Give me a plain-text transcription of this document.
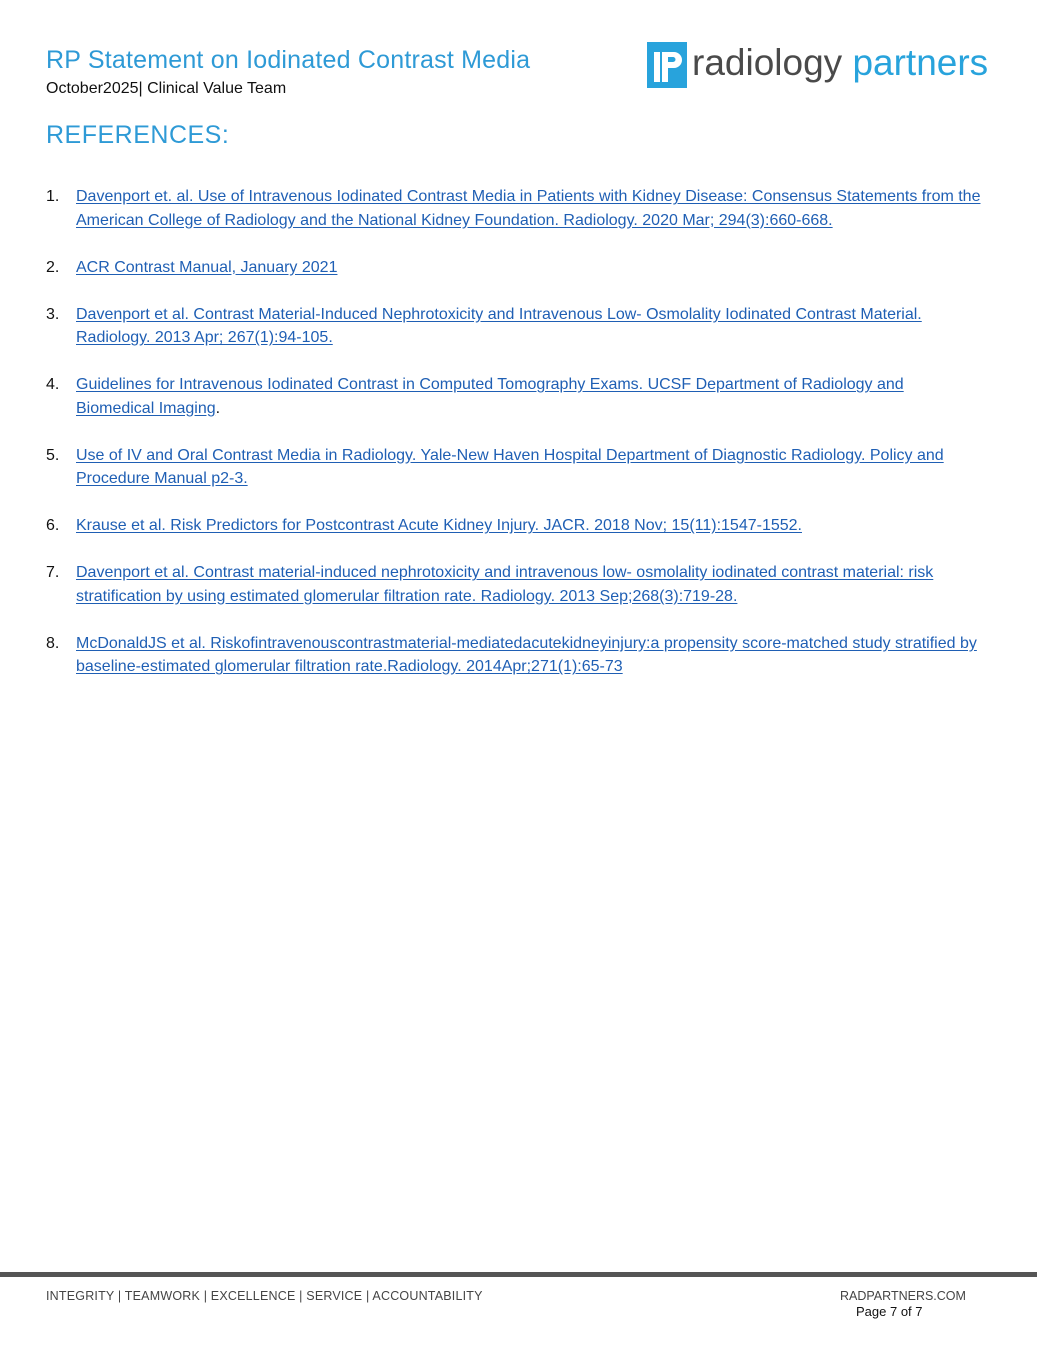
RP Statement on Iodinated Contrast Media
October2025| Clinical Value Team
radiology partners
REFERENCES:
1. Davenport et. al. Use of Intravenous Iodinated Contrast Media in Patients with Kidney Disease: Consensus Statements from the American College of Radiology and the National Kidney Foundation. Radiology. 2020 Mar; 294(3):660-668.
2. ACR Contrast Manual, January 2021
3. Davenport et al. Contrast Material-Induced Nephrotoxicity and Intravenous Low- Osmolality Iodinated Contrast Material. Radiology. 2013 Apr; 267(1):94-105.
4. Guidelines for Intravenous Iodinated Contrast in Computed Tomography Exams. UCSF Department of Radiology and Biomedical Imaging.
5. Use of IV and Oral Contrast Media in Radiology. Yale-New Haven Hospital Department of Diagnostic Radiology. Policy and Procedure Manual p2-3.
6. Krause et al. Risk Predictors for Postcontrast Acute Kidney Injury. JACR. 2018 Nov; 15(11):1547-1552.
7. Davenport et al. Contrast material-induced nephrotoxicity and intravenous low- osmolality iodinated contrast material: risk stratification by using estimated glomerular filtration rate. Radiology. 2013 Sep;268(3):719-28.
8. McDonaldJS et al. Riskofintravenouscontrastmaterial-mediatedacutekidneyinjury:a propensity score-matched study stratified by baseline-estimated glomerular filtration rate.Radiology. 2014Apr;271(1):65-73
INTEGRITY | TEAMWORK | EXCELLENCE | SERVICE | ACCOUNTABILITY	RADPARTNERS.COM
Page 7 of 7
